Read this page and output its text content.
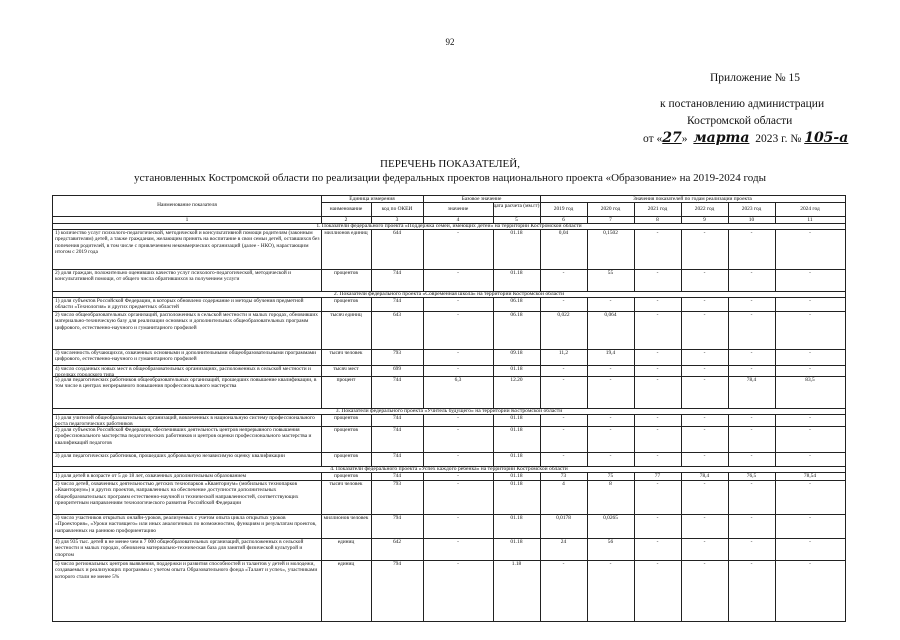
92
Приложение № 15
к постановлению администрации
Костромской области
от «27» марта 2023 г. № 105-а
ПЕРЕЧЕНЬ ПОКАЗАТЕЛЕЙ,
установленных Костромской области по реализации федеральных проектов национального проекта «Образование» на 2019-2024 годы
Наименование показателя
Единица измерения
наименование	код по ОКЕИ
Базовое значение
значение	дата расчета (мм.гг)
Значения показателей по годам реализации проекта
2019 год	2020 год	2021 год	2022 год	2023 год	2024 год
1	2	3	4	5	6	7	8	9	10	11
1. Показатели федерального проекта «Поддержка семей, имеющих детей» на территории Костромской области
1) количество услуг психолого-педагогической, методической и консультативной помощи родителям (законным представителям) детей, а также гражданам, желающим принять на воспитание в свои семьи детей, оставшихся без попечения родителей, в том числе с привлечением некоммерческих организаций (далее - НКО), нарастающим итогом с 2019 года
миллионов единиц	644	-	01.18	0,04	0,1502	-	-	-	-
2) доля граждан, положительно оценивших качество услуг психолого-педагогической, методической и консультативной помощи, от общего числа обратившихся за получением услуги
процентов	744	-	01.18	-	55	-	-	-	-
2. Показатели федерального проекта «Современная школа» на территории Костромской области
1) доля субъектов Российской Федерации, в которых обновлено содержание и методы обучения предметной области «Технология» и других предметных областей
процентов	744	-	06.18	-	-	-	-	-	-
2) число общеобразовательных организаций, расположенных в сельской местности и малых городах, обновивших материально-техническую базу для реализации основных и дополнительных общеобразовательных программ цифрового, естественно-научного и гуманитарного профилей
тысяч единиц	643	-	06.18	0,022	0,064	-	-	-	-
3) численность обучающихся, охваченных основными и дополнительными общеобразовательными программами цифрового, естественно-научного и гуманитарного профилей
тысяч человек	793	-	09.18	11,2	19,4	-	-	-	-
4) число созданных новых мест в общеобразовательных организациях, расположенных в сельской местности и поселках городского типа
тысяч мест	699	-	01.18	-	-	-	-	-	-
5) доля педагогических работников общеобразовательных организаций, прошедших повышение квалификации, в том числе в центрах непрерывного повышения профессионального мастерства
процент	744	6,3	12.20	-	-	-	-	78,4	83,5
3. Показатели федерального проекта «Учитель будущего» на территории Костромской области
1) доля учителей общеобразовательных организаций, вовлеченных в национальную систему профессионального роста педагогических работников
процентов	744	-	01.18	-	-	-	-	-	-
2) доля субъектов Российской Федерации, обеспечивших деятельность центров непрерывного повышения профессионального мастерства педагогических работников и центров оценки профессионального мастерства и квалификаций педагогов
процентов	744	-	01.18	-	-	-	-	-	-
3) доля педагогических работников, прошедших добровольную независимую оценку квалификации	процентов	744	-	01.18	-	-	-	-	-	-
4. Показатели федерального проекта «Успех каждого ребенка» на территории Костромской области
1) доля детей в возрасте от 5 до 18 лет, охваченных дополнительным образованием	процентов	744	-	01.18	73	75	77	78,4	76,5	78,54
2) число детей, охваченных деятельностью детских технопарков «Кванториум» (мобильных технопарков «Кванториум») и других проектов, направленных на обеспечение доступности дополнительных общеобразовательных программ естественно-научной и технической направленностей, соответствующих приоритетным направлениям технологического развития Российской Федерации
тысяч человек	793	-	01.18	4	8	-	-	-	-
3) число участников открытых онлайн-уроков, реализуемых с учетом опыта цикла открытых уроков «Проектория», «Уроки настоящего» или иных аналогичных по возможностям, функциям и результатам проектов, направленных на раннюю профориентацию
миллионов человек	794	-	01.18	0,0178	0,0265	-	-	-	-
4) для 935 тыс. детей в не менее чем в 7 000 общеобразовательных организаций, расположенных в сельской местности и малых городах, обновлена материально-техническая база для занятий физической культурой и спортом
единиц	642	-	01.18	24	56	-	-	-	-
5) число региональных центров выявления, поддержки и развития способностей и талантов у детей и молодежи, создаваемых и реализующих программы с учетом опыта Образовательного фонда «Талант и успех», участниками которого стали не менее 5%
единиц	794	-	1.18	-	-	-	-	-	-
